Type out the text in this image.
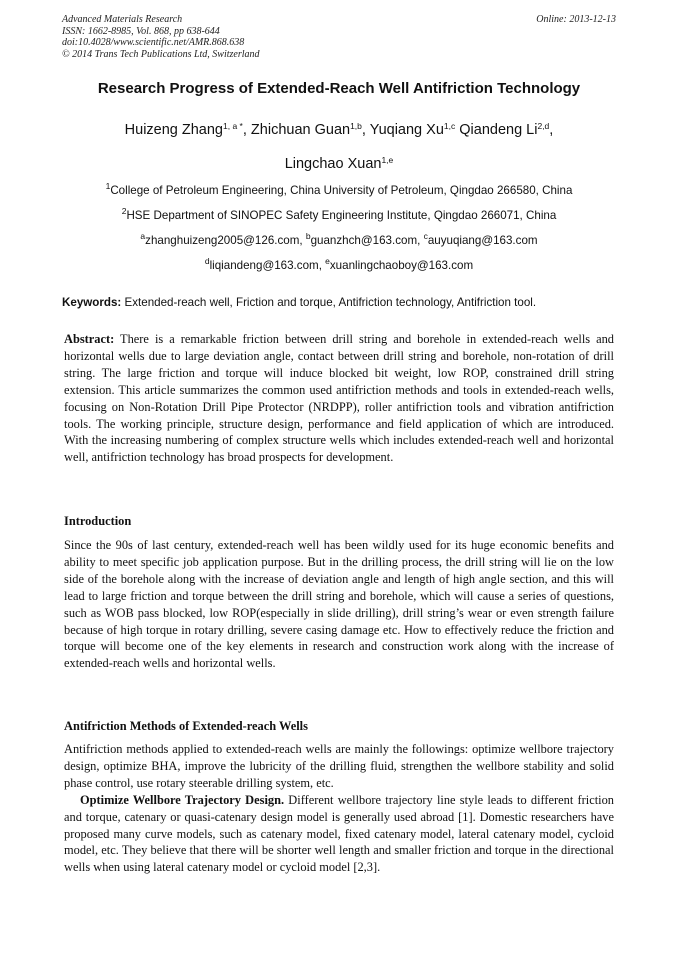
Advanced Materials Research
ISSN: 1662-8985, Vol. 868, pp 638-644
doi:10.4028/www.scientific.net/AMR.868.638
© 2014 Trans Tech Publications Ltd, Switzerland
Online: 2013-12-13
Research Progress of Extended-Reach Well Antifriction Technology
Huizeng Zhang$^{1, a *}$, Zhichuan Guan$^{1,b}$, Yuqiang Xu$^{1,c}$ Qiandeng Li$^{2,d}$,
Lingchao Xuan$^{1,e}$
$^1$College of Petroleum Engineering, China University of Petroleum, Qingdao 266580, China
$^2$HSE Department of SINOPEC Safety Engineering Institute, Qingdao 266071, China
$^a$zhanghuizeng2005@126.com, $^b$guanzhch@163.com, $^c$auyuqiang@163.com
$^d$liqiandeng@163.com, $^e$xuanlingchaoboy@163.com
Keywords: Extended-reach well, Friction and torque, Antifriction technology, Antifriction tool.
Abstract: There is a remarkable friction between drill string and borehole in extended-reach wells and horizontal wells due to large deviation angle, contact between drill string and borehole, non-rotation of drill string. The large friction and torque will induce blocked bit weight, low ROP, constrained drill string extension. This article summarizes the common used antifriction methods and tools in extended-reach wells, focusing on Non-Rotation Drill Pipe Protector (NRDPP), roller antifriction tools and vibration antifriction tools. The working principle, structure design, performance and field application of which are introduced. With the increasing numbering of complex structure wells which includes extended-reach well and horizontal well, antifriction technology has broad prospects for development.
Introduction
Since the 90s of last century, extended-reach well has been wildly used for its huge economic benefits and ability to meet specific job application purpose. But in the drilling process, the drill string will lie on the low side of the borehole along with the increase of deviation angle and length of high angle section, and this will lead to large friction and torque between the drill string and borehole, which will cause a series of questions, such as WOB pass blocked, low ROP(especially in slide drilling), drill string’s wear or even strength failure because of high torque in rotary drilling, severe casing damage etc. How to effectively reduce the friction and torque will become one of the key elements in research and construction work along with the increase of extended-reach wells and horizontal wells.
Antifriction Methods of Extended-reach Wells

Antifriction methods applied to extended-reach wells are mainly the followings: optimize wellbore trajectory design, optimize BHA, improve the lubricity of the drilling fluid, strengthen the wellbore stability and solid phase control, use rotary steerable drilling system, etc.

Optimize Wellbore Trajectory Design. Different wellbore trajectory line style leads to different friction and torque, catenary or quasi-catenary design model is generally used abroad [1]. Domestic researchers have proposed many curve models, such as catenary model, fixed catenary model, lateral catenary model, cycloid model, etc. They believe that there will be shorter well length and smaller friction and torque in the directional wells when using lateral catenary model or cycloid model [2,3].
